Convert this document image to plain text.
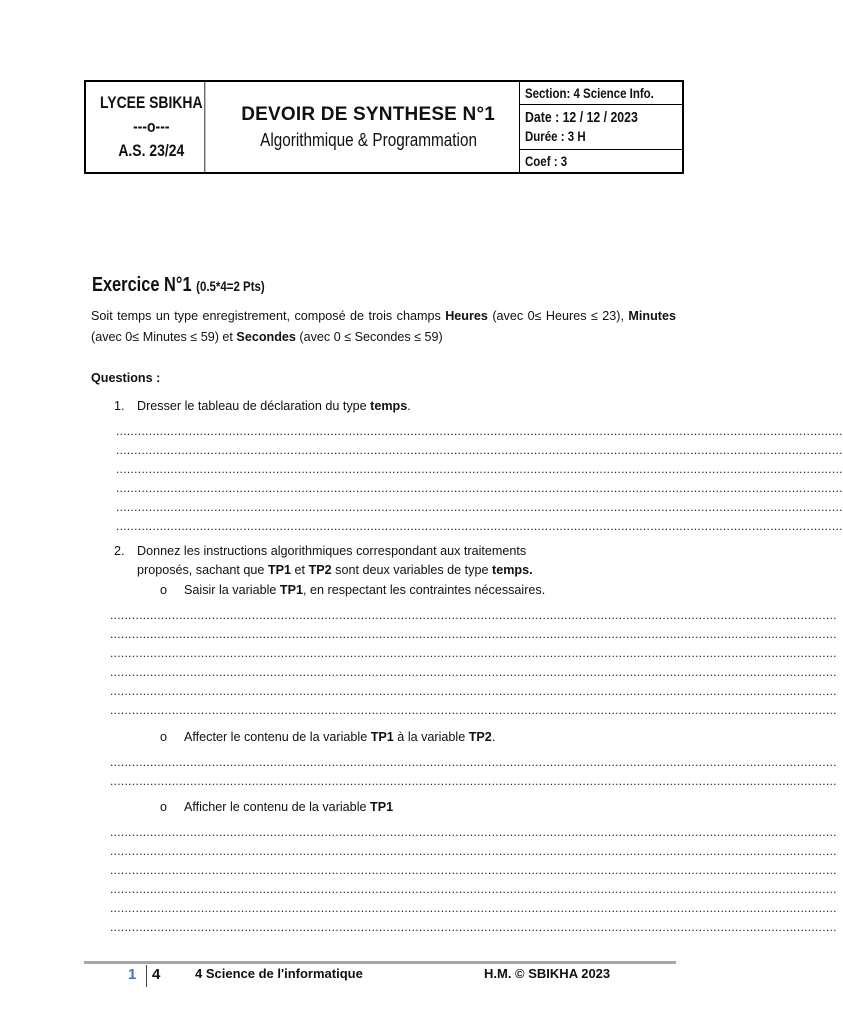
LYCEE SBIKHA
---o---
A.S. 23/24
DEVOIR DE SYNTHESE N°1
Algorithmique & Programmation
Section: 4 Science Info.
Date : 12 / 12 / 2023
Durée : 3 H
Coef : 3
Exercice N°1 (0.5*4=2 Pts)
Soit temps un type enregistrement, composé de trois champs Heures (avec 0≤ Heures ≤ 23), Minutes (avec 0≤ Minutes ≤ 59) et Secondes (avec 0 ≤ Secondes ≤ 59)
Questions :
1. Dresser le tableau de déclaration du type temps.
........................................................................................................................................................................................................
........................................................................................................................................................................................................
........................................................................................................................................................................................................
........................................................................................................................................................................................................
........................................................................................................................................................................................................
........................................................................................................................................................................................................
2. Donnez les instructions algorithmiques correspondant aux traitements
proposés, sachant que TP1 et TP2 sont deux variables de type temps.
o Saisir la variable TP1, en respectant les contraintes nécessaires.
........................................................................................................................................................................................................
........................................................................................................................................................................................................
........................................................................................................................................................................................................
........................................................................................................................................................................................................
........................................................................................................................................................................................................
........................................................................................................................................................................................................
o Affecter le contenu de la variable TP1 à la variable TP2.
........................................................................................................................................................................................................
........................................................................................................................................................................................................
o Afficher le contenu de la variable TP1
........................................................................................................................................................................................................
........................................................................................................................................................................................................
........................................................................................................................................................................................................
........................................................................................................................................................................................................
........................................................................................................................................................................................................
........................................................................................................................................................................................................
1 4	4 Science de l'informatique	H.M. © SBIKHA 2023
